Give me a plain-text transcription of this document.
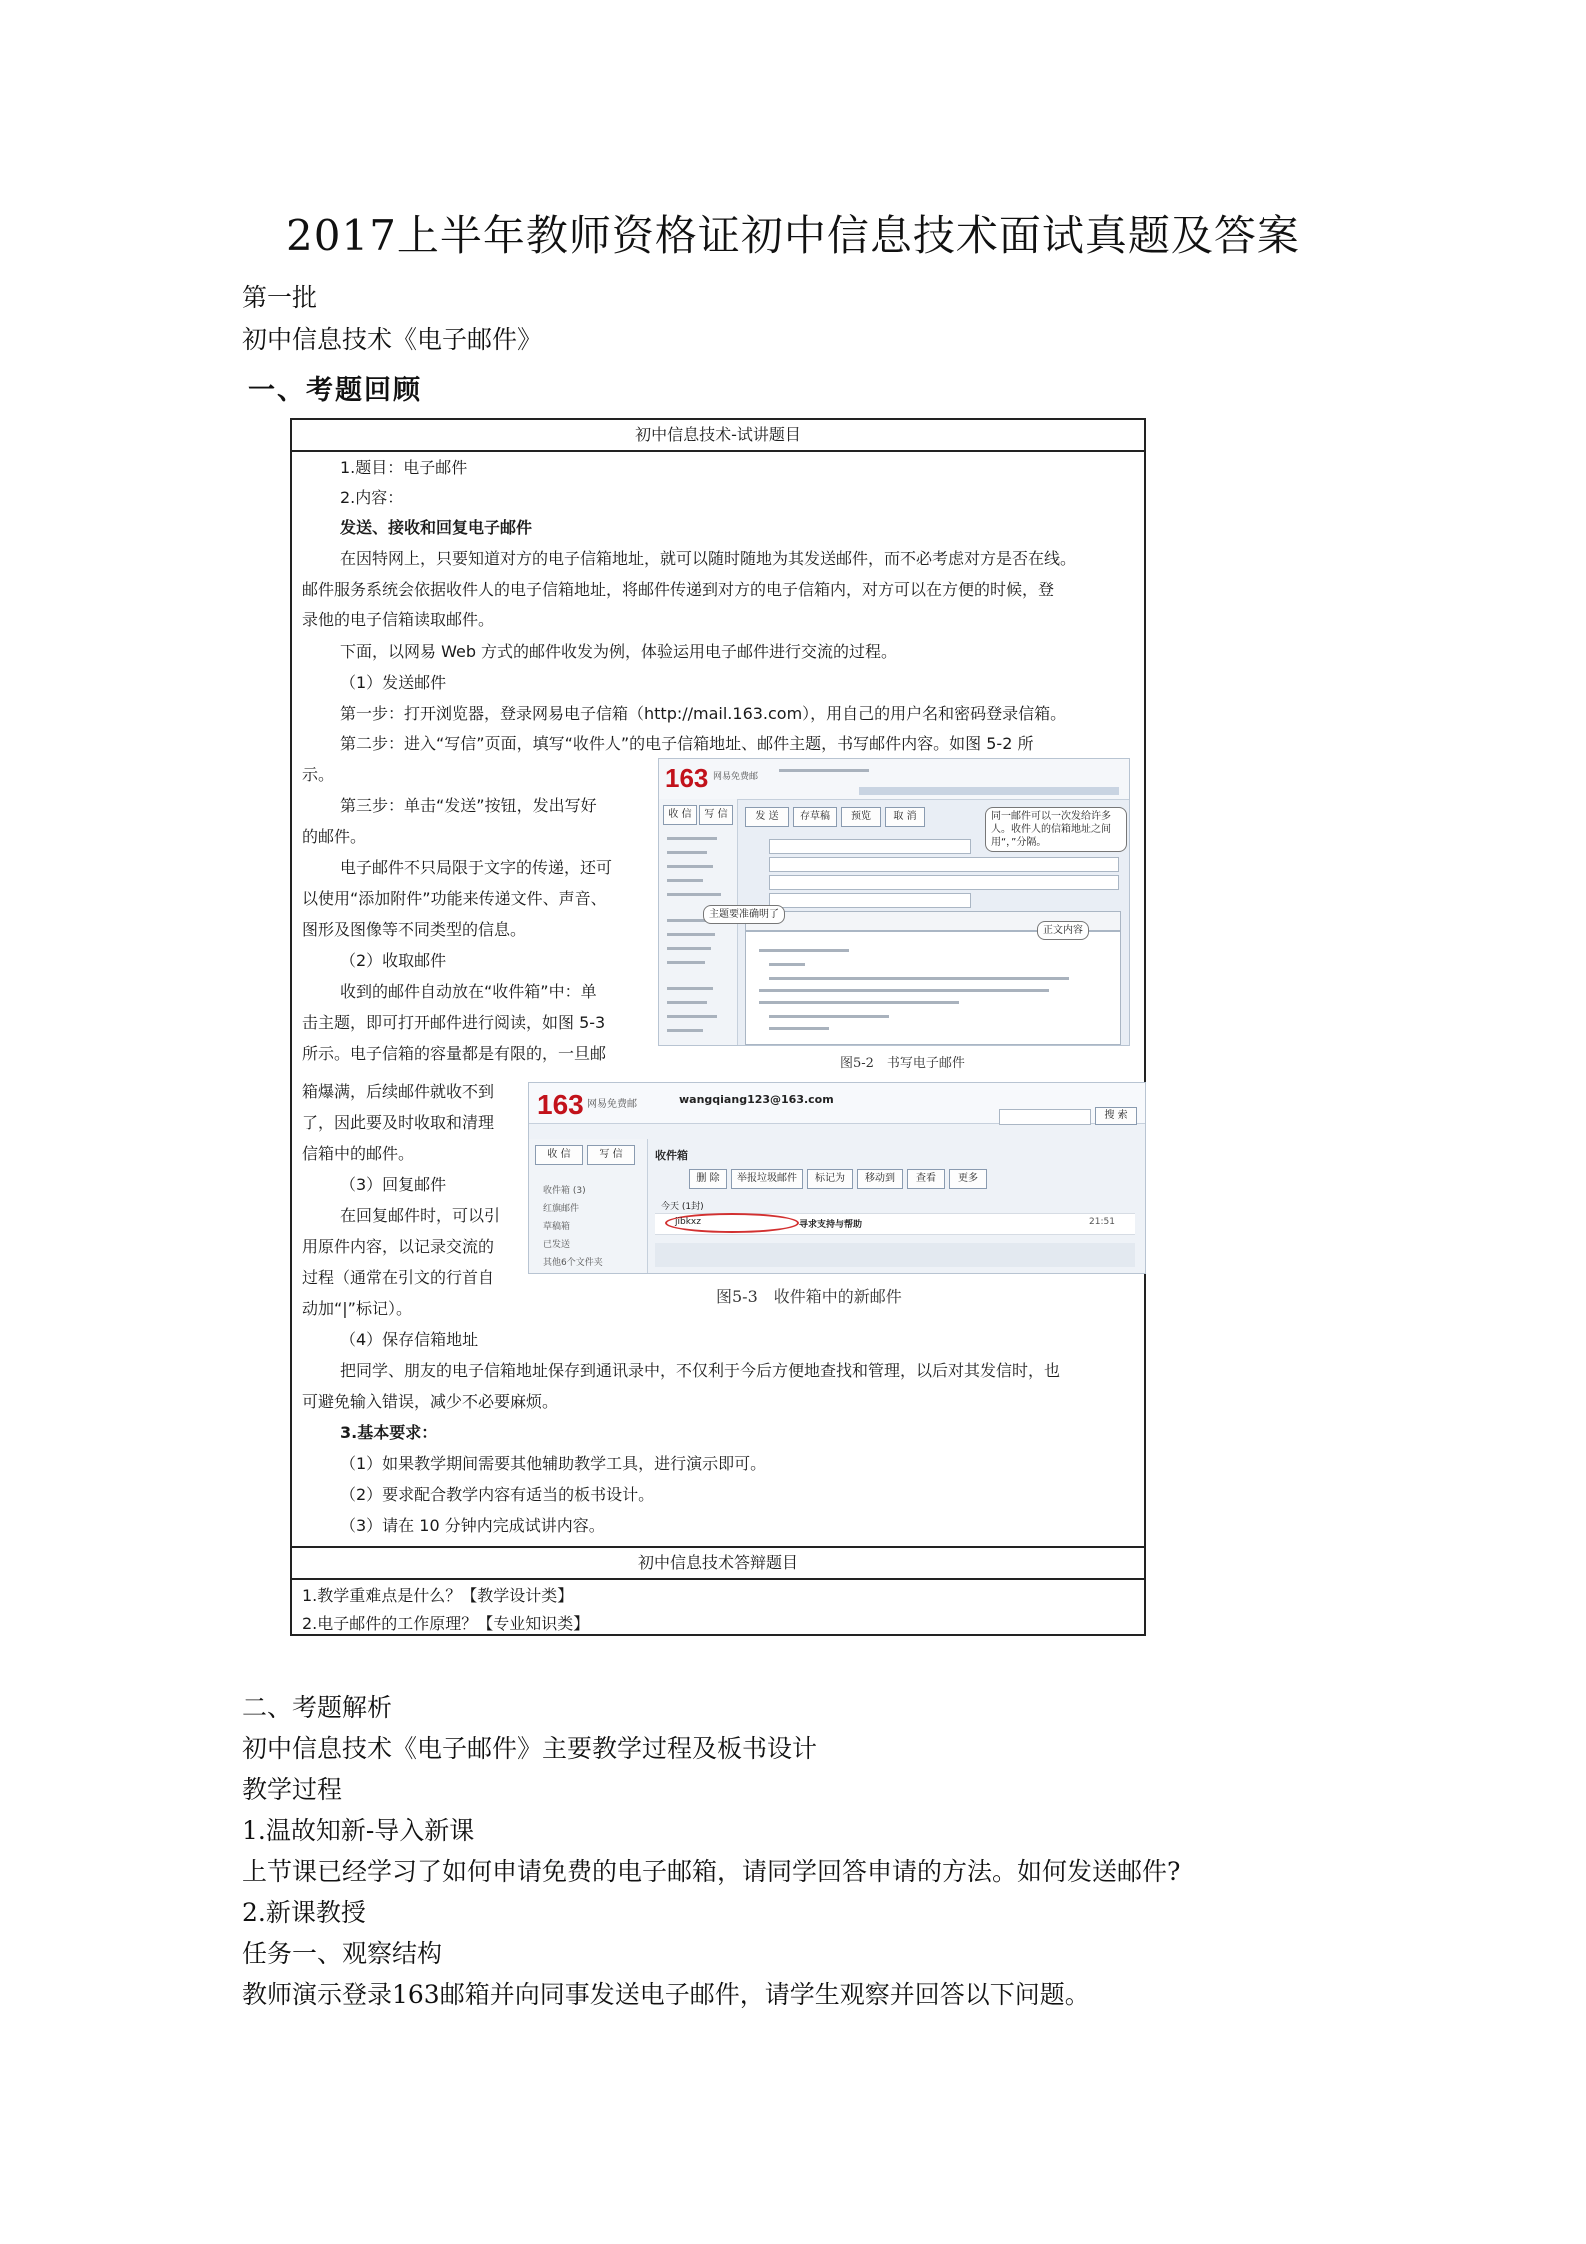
2017上半年教师资格证初中信息技术面试真题及答案
第一批
初中信息技术《电子邮件》
一、考题回顾
初中信息技术-试讲题目
1.题目：电子邮件
2.内容：
发送、接收和回复电子邮件
在因特网上，只要知道对方的电子信箱地址，就可以随时随地为其发送邮件，而不必考虑对方是否在线。
邮件服务系统会依据收件人的电子信箱地址，将邮件传递到对方的电子信箱内，对方可以在方便的时候，登
录他的电子信箱读取邮件。
下面，以网易 Web 方式的邮件收发为例，体验运用电子邮件进行交流的过程。
（1）发送邮件
第一步：打开浏览器，登录网易电子信箱（http://mail.163.com），用自己的用户名和密码登录信箱。
第二步：进入“写信”页面，填写“收件人”的电子信箱地址、邮件主题，书写邮件内容。如图 5-2 所
示。
第三步：单击“发送”按钮，发出写好
的邮件。
电子邮件不只局限于文字的传递，还可
以使用“添加附件”功能来传递文件、声音、
图形及图像等不同类型的信息。
（2）收取邮件
收到的邮件自动放在“收件箱”中：单
击主题，即可打开邮件进行阅读，如图 5-3
所示。电子信箱的容量都是有限的，一旦邮
箱爆满，后续邮件就收不到
了，因此要及时收取和清理
信箱中的邮件。
（3）回复邮件
在回复邮件时，可以引
用原件内容，以记录交流的
过程（通常在引文的行首自
动加“|”标记）。
（4）保存信箱地址
把同学、朋友的电子信箱地址保存到通讯录中，不仅利于今后方便地查找和管理，以后对其发信时，也
可避免输入错误，减少不必要麻烦。
3.基本要求：
（1）如果教学期间需要其他辅助教学工具，进行演示即可。
（2）要求配合教学内容有适当的板书设计。
（3）请在 10 分钟内完成试讲内容。
初中信息技术答辩题目
1.教学重难点是什么？【教学设计类】
2.电子邮件的工作原理？【专业知识类】
163 网易免费邮
收 信	写 信	发 送	存草稿	预览	取 消	同一邮件可以一次发给许多人。收件人的信箱地址之间用“，”分隔。
主题要准确明了
正文内容
图5-2　书写电子邮件
163 网易免费邮	wangqiang123@163.com
搜 索
收 信	写 信
收件箱 (3)
红旗邮件
草稿箱
已发送
其他6个文件夹
收件箱
删 除	举报垃圾邮件	标记为	移动到	查看	更多
今天 (1封)
jibkxz	寻求支持与帮助	21:51
图5-3　收件箱中的新邮件
二、考题解析
初中信息技术《电子邮件》主要教学过程及板书设计
教学过程
1.温故知新-导入新课
上节课已经学习了如何申请免费的电子邮箱，请同学回答申请的方法。如何发送邮件?
2.新课教授
任务一、观察结构
教师演示登录163邮箱并向同事发送电子邮件，请学生观察并回答以下问题。
